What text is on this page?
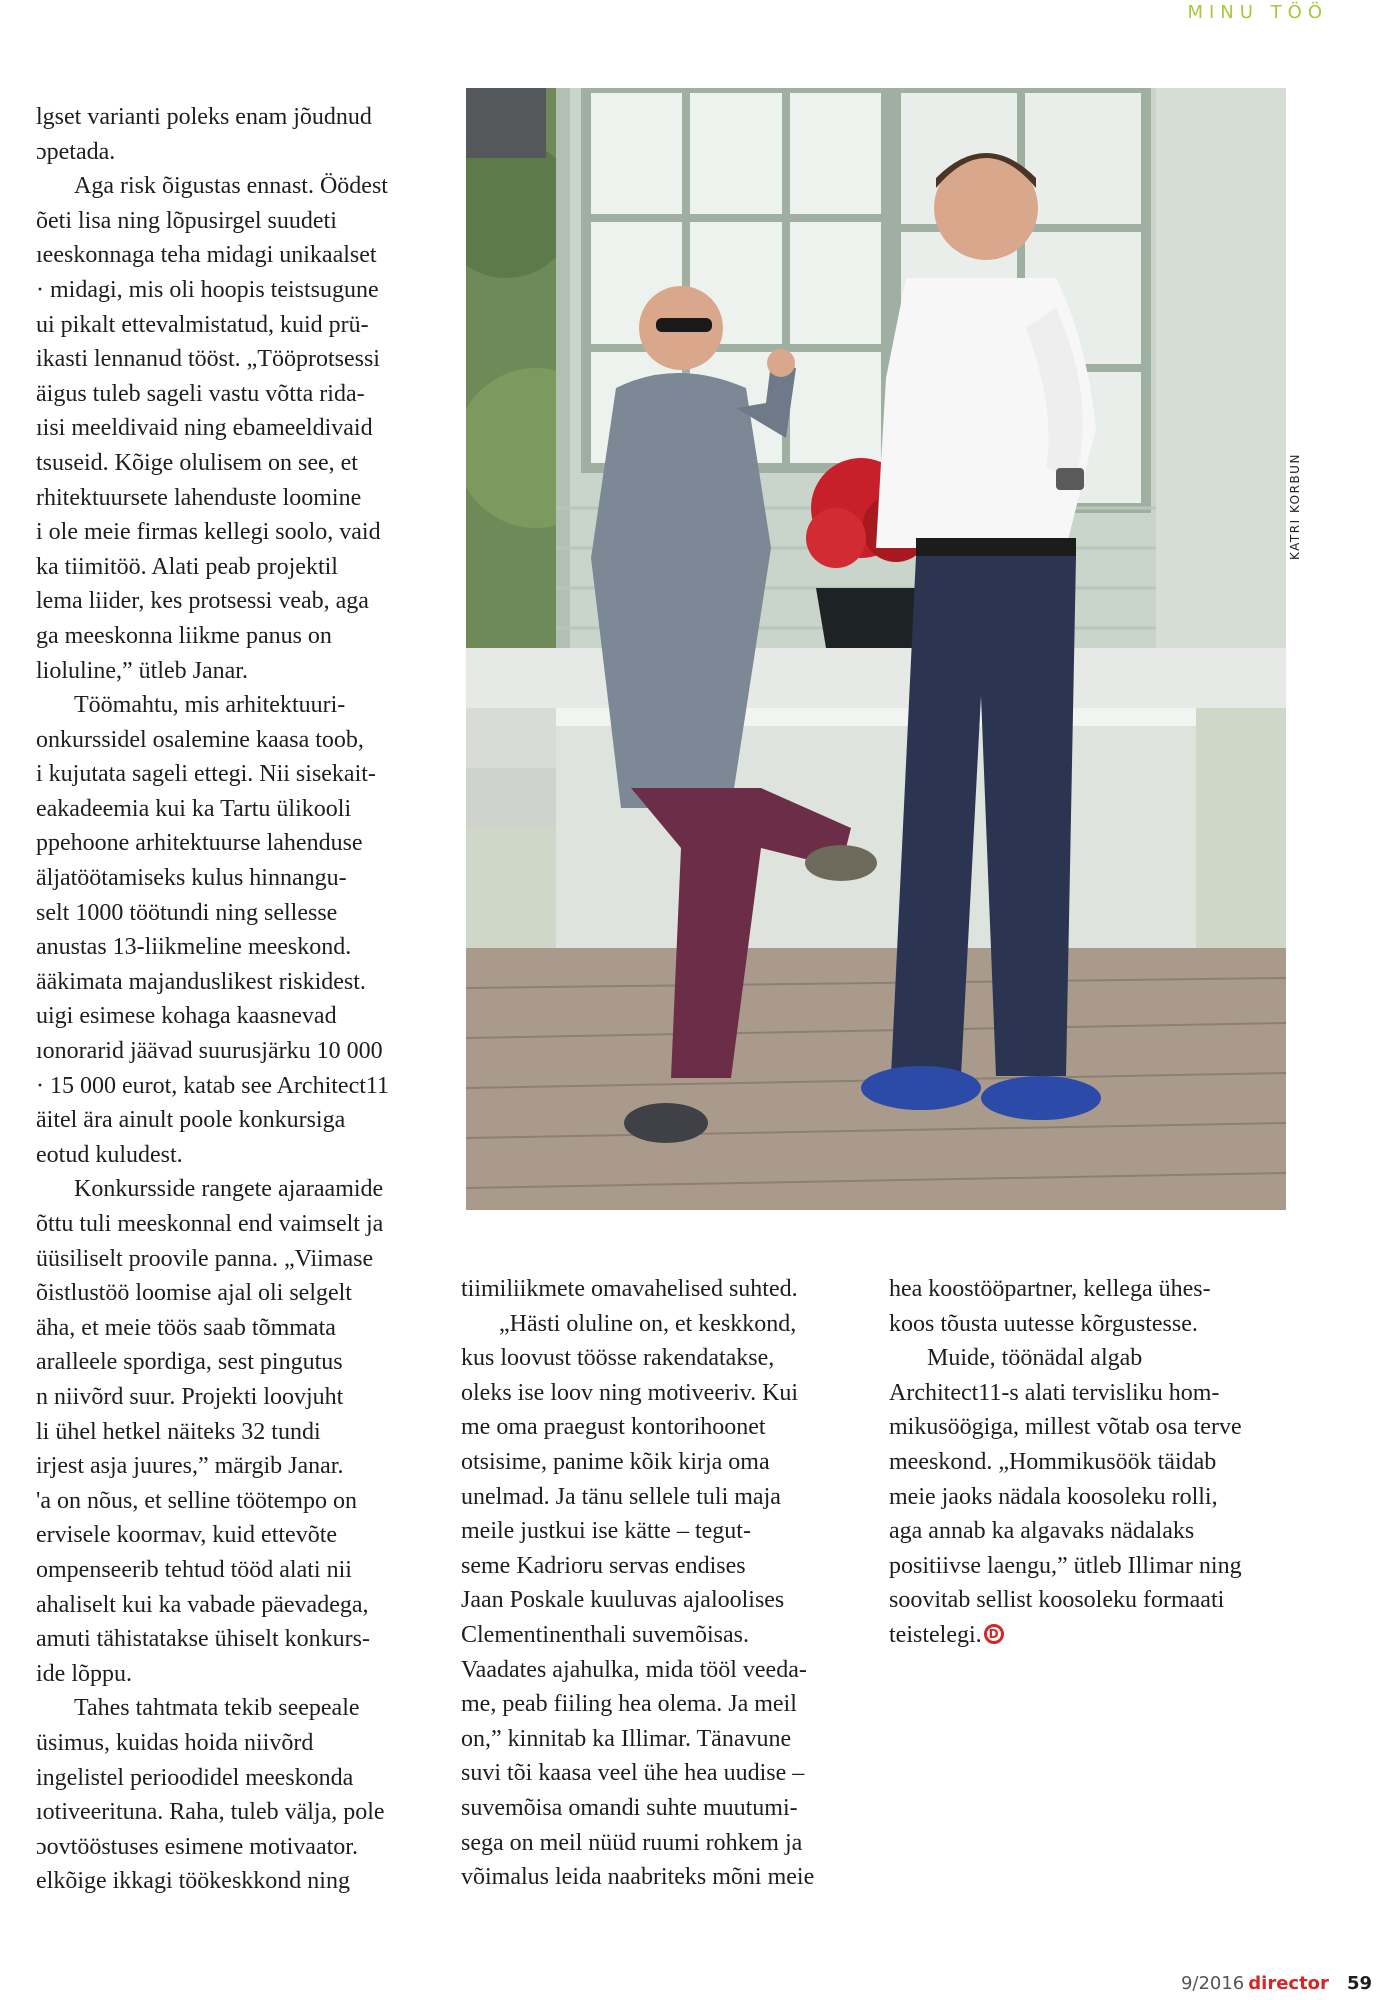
MINU TÖÖ
lgset varianti poleks enam jõudnud
ɔpetada.
Aga risk õigustas ennast. Öödest
õeti lisa ning lõpusirgel suudeti
ıeeskonnaga teha midagi unikaalset
· midagi, mis oli hoopis teistsugune
ui pikalt ettevalmistatud, kuid prü-
ikasti lennanud tööst. „Tööprotsessi
äigus tuleb sageli vastu võtta rida-
ıisi meeldivaid ning ebameeldivaid
tsuseid. Kõige olulisem on see, et
rhitektuursete lahenduste loomine
i ole meie firmas kellegi soolo, vaid
ka tiimitöö. Alati peab projektil
lema liider, kes protsessi veab, aga
ga meeskonna liikme panus on
lioluline,” ütleb Janar.
Töömahtu, mis arhitektuuri-
onkurssidel osalemine kaasa toob,
i kujutata sageli ettegi. Nii sisekait-
eakadeemia kui ka Tartu ülikooli
ppehoone arhitektuurse lahenduse
äljatöötamiseks kulus hinnangu-
selt 1000 töötundi ning sellesse
anustas 13-liikmeline meeskond.
ääkimata majanduslikest riskidest.
uigi esimese kohaga kaasnevad
ıonorarid jäävad suurusjärku 10 000
· 15 000 eurot, katab see Architect11
äitel ära ainult poole konkursiga
eotud kuludest.
Konkursside rangete ajaraamide
õttu tuli meeskonnal end vaimselt ja
üüsiliselt proovile panna. „Viimase
õistlustöö loomise ajal oli selgelt
äha, et meie töös saab tõmmata
aralleele spordiga, sest pingutus
n niivõrd suur. Projekti loovjuht
li ühel hetkel näiteks 32 tundi
irjest asja juures,” märgib Janar.
'a on nõus, et selline töötempo on
ervisele koormav, kuid ettevõte
ompenseerib tehtud tööd alati nii
ahaliselt kui ka vabade päevadega,
amuti tähistatakse ühiselt konkurs-
ide lõppu.
Tahes tahtmata tekib seepeale
üsimus, kuidas hoida niivõrd
ingelistel perioodidel meeskonda
ıotiveerituna. Raha, tuleb välja, pole
ɔovtööstuses esimene motivaator.
elkõige ikkagi töökeskkond ning
KATRI KORBUN
tiimiliikmete omavahelised suhted.
„Hästi oluline on, et keskkond,
kus loovust töösse rakendatakse,
oleks ise loov ning motiveeriv. Kui
me oma praegust kontorihoonet
otsisime, panime kõik kirja oma
unelmad. Ja tänu sellele tuli maja
meile justkui ise kätte – tegut-
seme Kadrioru servas endises
Jaan Poskale kuuluvas ajaloolises
Clementinenthali suvemõisas.
Vaadates ajahulka, mida tööl veeda-
me, peab fiiling hea olema. Ja meil
on,” kinnitab ka Illimar. Tänavune
suvi tõi kaasa veel ühe hea uudise –
suvemõisa omandi suhte muutumi-
sega on meil nüüd ruumi rohkem ja
võimalus leida naabriteks mõni meie
hea koostööpartner, kellega ühes-
koos tõusta uutesse kõrgustesse.
Muide, töönädal algab
Architect11-s alati tervisliku hom-
mikusöögiga, millest võtab osa terve
meeskond. „Hommikusöök täidab
meie jaoks nädala koosoleku rolli,
aga annab ka algavaks nädalaks
positiivse laengu,” ütleb Illimar ning
soovitab sellist koosoleku formaati
teistelegi. D
9/2016 director 59
